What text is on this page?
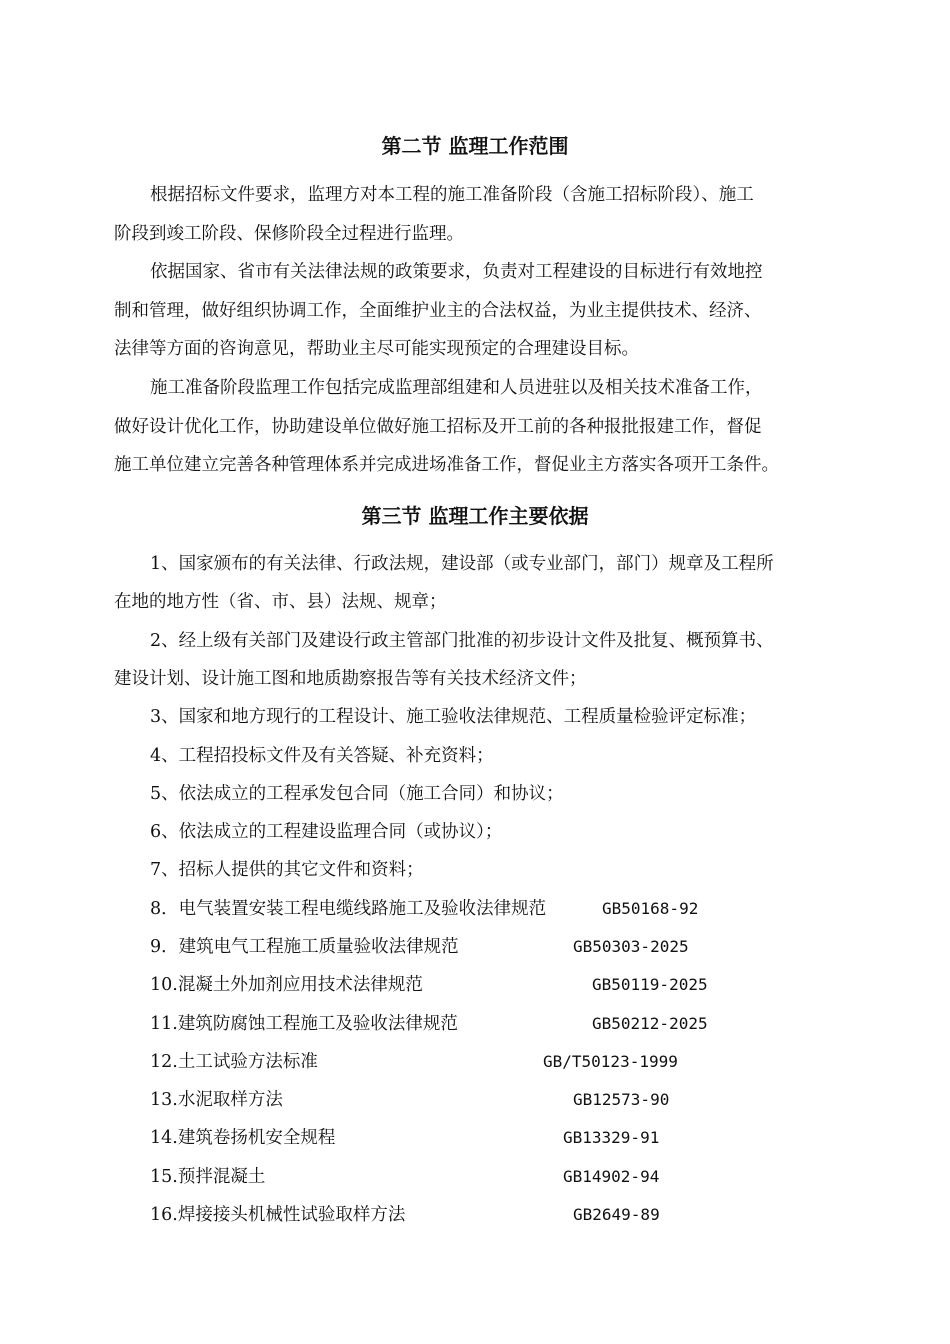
第二节 监理工作范围

根据招标文件要求，监理方对本工程的施工准备阶段（含施工招标阶段）、施工
阶段到竣工阶段、保修阶段全过程进行监理。

依据国家、省市有关法律法规的政策要求，负责对工程建设的目标进行有效地控
制和管理，做好组织协调工作，全面维护业主的合法权益，为业主提供技术、经济、
法律等方面的咨询意见，帮助业主尽可能实现预定的合理建设目标。

施工准备阶段监理工作包括完成监理部组建和人员进驻以及相关技术准备工作，
做好设计优化工作，协助建设单位做好施工招标及开工前的各种报批报建工作，督促
施工单位建立完善各种管理体系并完成进场准备工作，督促业主方落实各项开工条件。

第三节 监理工作主要依据

1、国家颁布的有关法律、行政法规，建设部（或专业部门，部门）规章及工程所

在地的地方性（省、市、县）法规、规章；

2、经上级有关部门及建设行政主管部门批准的初步设计文件及批复、概预算书、

建设计划、设计施工图和地质勘察报告等有关技术经济文件；

3、国家和地方现行的工程设计、施工验收法律规范、工程质量检验评定标准；

4、工程招投标文件及有关答疑、补充资料；

5、依法成立的工程承发包合同（施工合同）和协议；

6、依法成立的工程建设监理合同（或协议）；

7、招标人提供的其它文件和资料；

8．电气装置安装工程电缆线路施工及验收法律规范	GB50168-92

9．建筑电气工程施工质量验收法律规范	GB50303-2025

10.混凝土外加剂应用技术法律规范	GB50119-2025

11.建筑防腐蚀工程施工及验收法律规范	GB50212-2025

12.土工试验方法标准	GB/T50123-1999

13.水泥取样方法	GB12573-90

14.建筑卷扬机安全规程	GB13329-91

15.预拌混凝土	GB14902-94

16.焊接接头机械性试验取样方法	GB2649-89
